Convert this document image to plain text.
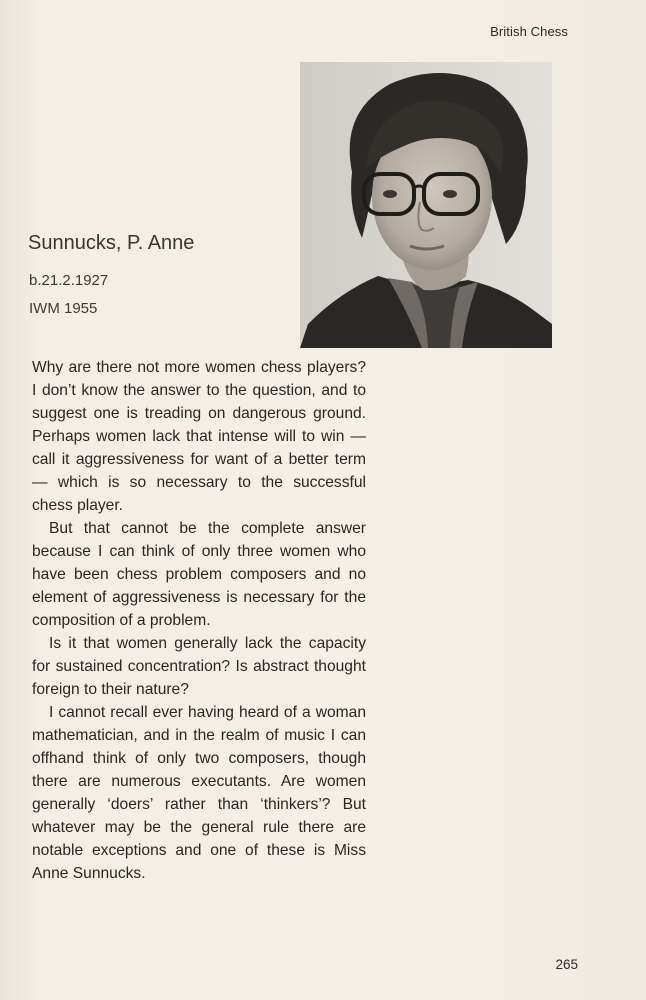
British Chess
Sunnucks, P. Anne
b.21.2.1927
IWM 1955

Why are there not more women chess players? I don’t know the answer to the question, and to suggest one is treading on dangerous ground. Perhaps women lack that intense will to win — call it aggressiveness for want of a better term — which is so necessary to the successful chess player.

But that cannot be the complete answer because I can think of only three women who have been chess problem composers and no element of aggressiveness is necessary for the composition of a problem.

Is it that women generally lack the capacity for sustained concentration? Is abstract thought foreign to their nature?

I cannot recall ever having heard of a woman mathematician, and in the realm of music I can offhand think of only two composers, though there are numerous executants. Are women generally ‘doers’ rather than ‘thinkers’? But whatever may be the general rule there are notable exceptions and one of these is Miss Anne Sunnucks.

265
